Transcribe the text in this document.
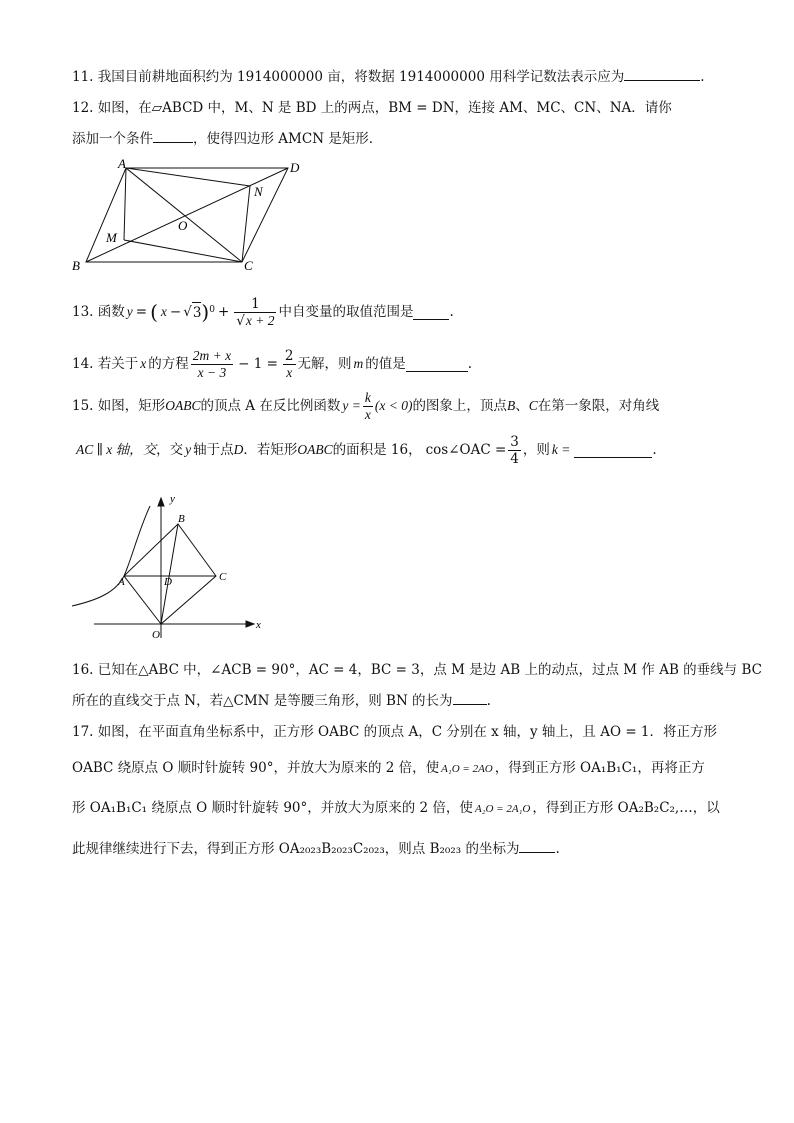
11. 我国目前耕地面积约为 1914000000 亩，将数据 1914000000 用科学记数法表示应为	.
12. 如图，在▱ABCD 中，M、N 是 BD 上的两点，BM = DN，连接 AM、MC、CN、NA．请你
添加一个条件	，使得四边形 AMCN 是矩形．
A	D
B	C
M
N
O
13. 函数 y = ( x − √ 3 ) $0 + \frac{1}{√x + 2}$ 中自变量的取值范围是	.
14. 若关于 x 的方程 $\frac{2m + x}{x - 3} - 1 = \frac{2}{x}$ 无解，则 m 的值是	.
15. 如图，矩形 OABC 的顶点 A 在反比例函数 $y = \frac{k}{x} (x < 0)$ 的图象上，顶点 B 、 C 在第一象限，对角线
AC ∥ x 轴，交 ，交 y 轴于点 D ．若矩形 OABC 的面积是 16， cos∠OAC = $\frac{3}{4}$ ，则 k =	.
y
x
B
A	D	C
O
16. 已知在△ABC 中，∠ACB = 90°，AC = 4，BC = 3，点 M 是边 AB 上的动点，过点 M 作 AB 的垂线与 BC
所在的直线交于点 N，若△CMN 是等腰三角形，则 BN 的长为	.
17. 如图，在平面直角坐标系中，正方形 OABC 的顶点 A，C 分别在 x 轴，y 轴上，且 AO = 1．将正方形
OABC 绕原点 O 顺时针旋转 90°，并放大为原来的 2 倍，使 A₁O = 2AO ，得到正方形 OA₁B₁C₁，再将正方
形 OA₁B₁C₁ 绕原点 O 顺时针旋转 90°，并放大为原来的 2 倍，使 A₂O = 2A₁O ，得到正方形 OA₂B₂C₂,…，以
此规律继续进行下去，得到正方形 OA₂₀₂₃B₂₀₂₃C₂₀₂₃，则点 B₂₀₂₃ 的坐标为	.
